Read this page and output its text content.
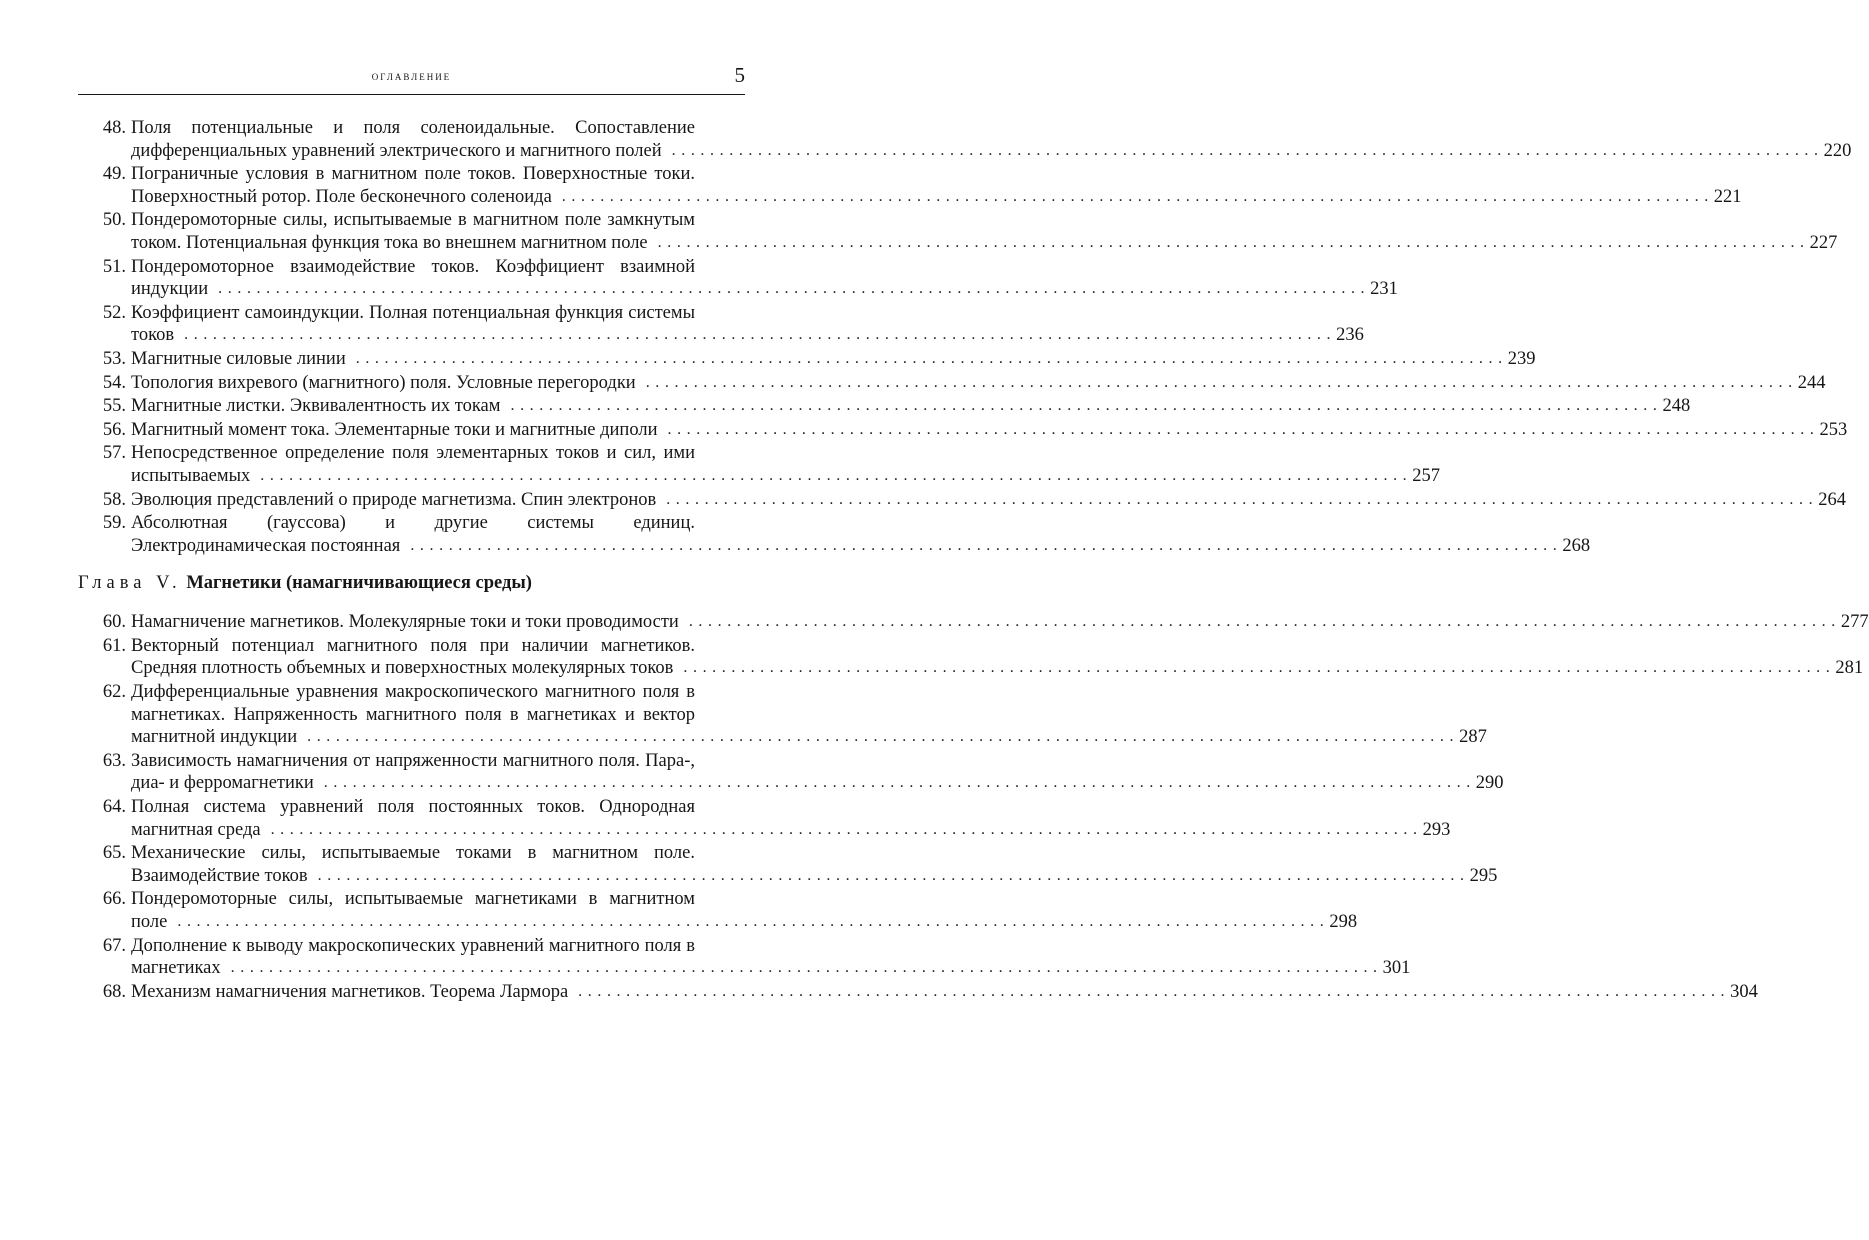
оглавление	5
48. Поля потенциальные и поля соленоидальные. Сопоставление дифференциальных уравнений электрического и магнитного полей ........................................................................................................................ 220
49. Пограничные условия в магнитном поле токов. Поверхностные токи. Поверхностный ротор. Поле бесконечного соленоида ........................................................................................................................ 221
50. Пондеромоторные силы, испытываемые в магнитном поле замкнутым током. Потенциальная функция тока во внешнем магнитном поле ........................................................................................................................ 227
51. Пондеромоторное взаимодействие токов. Коэффициент взаимной индукции ........................................................................................................................ 231
52. Коэффициент самоиндукции. Полная потенциальная функция системы токов ........................................................................................................................ 236
53. Магнитные силовые линии ........................................................................................................................ 239
54. Топология вихревого (магнитного) поля. Условные перегородки ........................................................................................................................ 244
55. Магнитные листки. Эквивалентность их токам ........................................................................................................................ 248
56. Магнитный момент тока. Элементарные токи и магнитные диполи ........................................................................................................................ 253
57. Непосредственное определение поля элементарных токов и сил, ими испытываемых ........................................................................................................................ 257
58. Эволюция представлений о природе магнетизма. Спин электронов ........................................................................................................................ 264
59. Абсолютная (гауссова) и другие системы единиц. Электродинамическая постоянная ........................................................................................................................ 268
Глава V. Магнетики (намагничивающиеся среды)
60. Намагничение магнетиков. Молекулярные токи и токи проводимости ........................................................................................................................ 277
61. Векторный потенциал магнитного поля при наличии магнетиков. Средняя плотность объемных и поверхностных молекулярных токов ........................................................................................................................ 281
62. Дифференциальные уравнения макроскопического магнитного поля в магнетиках. Напряженность магнитного поля в магнетиках и вектор магнитной индукции ........................................................................................................................ 287
63. Зависимость намагничения от напряженности магнитного поля. Пара-, диа- и ферромагнетики ........................................................................................................................ 290
64. Полная система уравнений поля постоянных токов. Однородная магнитная среда ........................................................................................................................ 293
65. Механические силы, испытываемые токами в магнитном поле. Взаимодействие токов ........................................................................................................................ 295
66. Пондеромоторные силы, испытываемые магнетиками в магнитном поле ........................................................................................................................ 298
67. Дополнение к выводу макроскопических уравнений магнитного поля в магнетиках ........................................................................................................................ 301
68. Механизм намагничения магнетиков. Теорема Лармора ........................................................................................................................ 304
